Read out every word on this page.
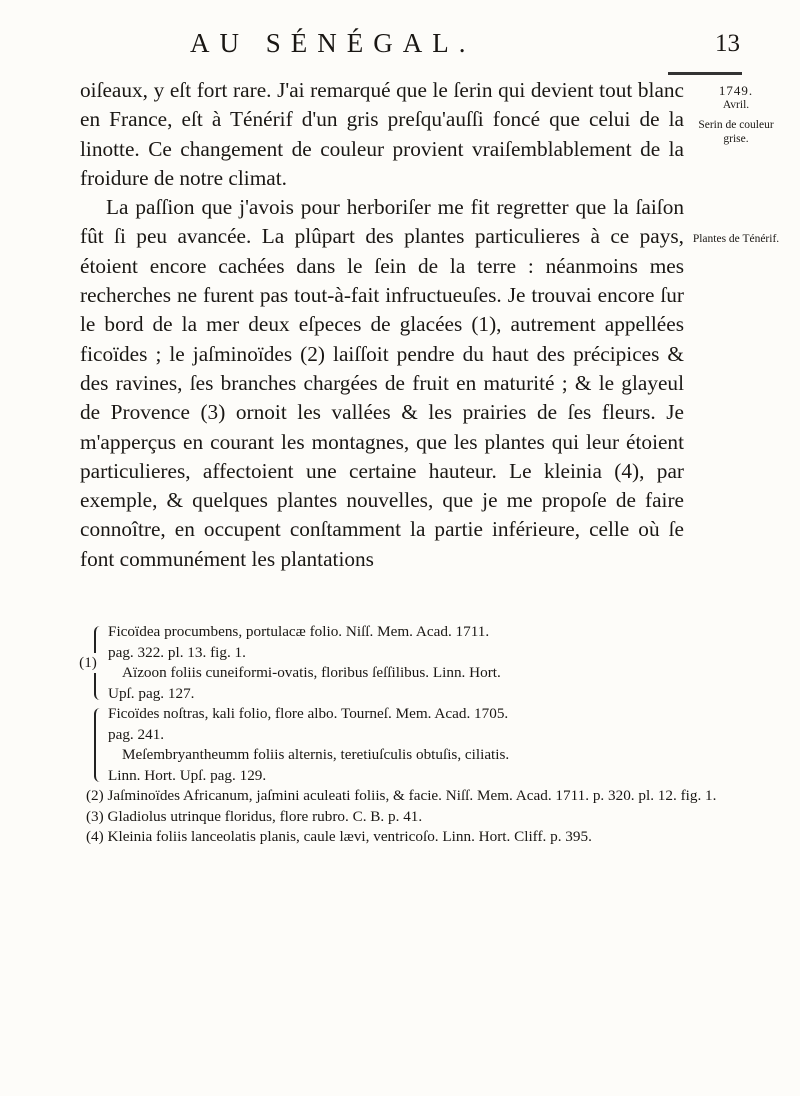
AU SÉNÉGAL.	13
1749.
Avril.
Serin de couleur grise.
Plantes de Ténérif.

oiſeaux, y eſt fort rare. J'ai remarqué que le ſerin qui devient tout blanc en France, eſt à Ténérif d'un gris preſqu'auſſi foncé que celui de la linotte. Ce changement de couleur provient vraiſemblablement de la froidure de notre climat.

La paſſion que j'avois pour herboriſer me fit regretter que la ſaiſon fût ſi peu avancée. La plûpart des plantes particulieres à ce pays, étoient encore cachées dans le ſein de la terre : néanmoins mes recherches ne furent pas tout-à-fait infructueuſes. Je trouvai encore ſur le bord de la mer deux eſpeces de glacées (1), autrement appellées ficoïdes ; le jaſminoïdes (2) laiſſoit pendre du haut des précipices & des ravines, ſes branches chargées de fruit en maturité ; & le glayeul de Provence (3) ornoit les vallées & les prairies de ſes fleurs. Je m'apperçus en courant les montagnes, que les plantes qui leur étoient particulieres, affectoient une certaine hauteur. Le kleinia (4), par exemple, & quelques plantes nouvelles, que je me propoſe de faire connoître, en occupent conſtamment la partie inférieure, celle où ſe font communément les plantations

(1)
Ficoïdea procumbens, portulacæ folio. Niſſ. Mem. Acad. 1711.
pag. 322. pl. 13. fig. 1.
Aïzoon foliis cuneiformi-ovatis, floribus ſeſſilibus. Linn. Hort.
Upſ. pag. 127.
Ficoïdes noſtras, kali folio, flore albo. Tourneſ. Mem. Acad. 1705.
pag. 241.
Meſembryantheumm foliis alternis, teretiuſculis obtuſis, ciliatis.
Linn. Hort. Upſ. pag. 129.
(2) Jaſminoïdes Africanum, jaſmini aculeati foliis, & facie. Niſſ. Mem. Acad. 1711. p. 320. pl. 12. fig. 1.
(3) Gladiolus utrinque floridus, flore rubro. C. B. p. 41.
(4) Kleinia foliis lanceolatis planis, caule lævi, ventricoſo. Linn. Hort. Cliff. p. 395.
